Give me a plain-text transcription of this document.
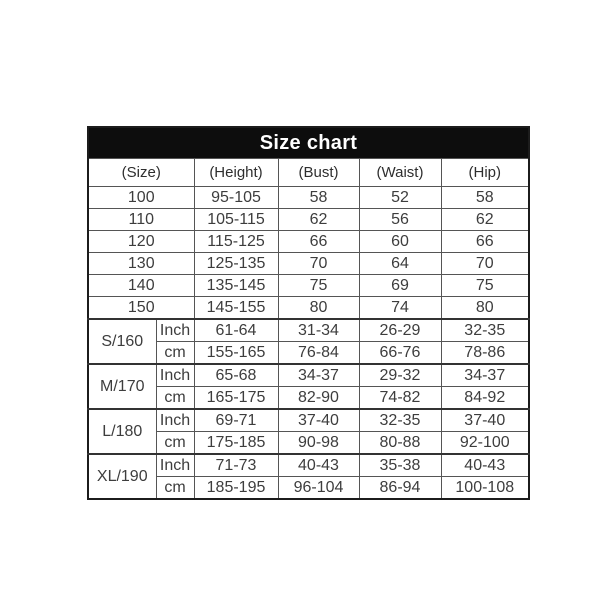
Size chart					
(Size)		(Height)	(Bust)	(Waist)	(Hip)
100		95-105	58	52	58
110		105-115	62	56	62
120		115-125	66	60	66
130		125-135	70	64	70
140		135-145	75	69	75
150		145-155	80	74	80
S/160	Inch	61-64	31-34	26-29	32-35
	cm	155-165	76-84	66-76	78-86
M/170	Inch	65-68	34-37	29-32	34-37
	cm	165-175	82-90	74-82	84-92
L/180	Inch	69-71	37-40	32-35	37-40
	cm	175-185	90-98	80-88	92-100
XL/190	Inch	71-73	40-43	35-38	40-43
	cm	185-195	96-104	86-94	100-108
